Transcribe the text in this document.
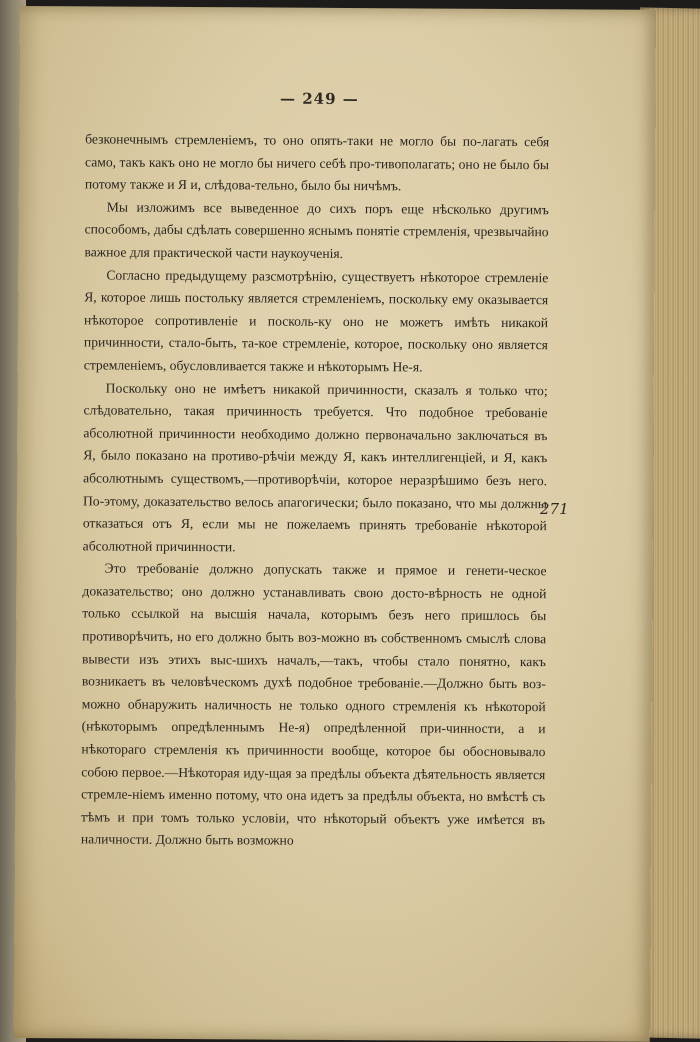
— 249 —

безконечнымъ стремленіемъ, то оно опять-таки не могло бы по-лагать себя само, такъ какъ оно не могло бы ничего себѣ про-тивополагать; оно не было бы потому также и Я и, слѣдова-тельно, было бы ничѣмъ.

Мы изложимъ все выведенное до сихъ поръ еще нѣсколько другимъ способомъ, дабы сдѣлать совершенно яснымъ понятіе стремленія, чрезвычайно важное для практической части наукоученія.

Согласно предыдущему разсмотрѣнію, существуетъ нѣкоторое стремленіе Я, которое лишь постольку является стремленіемъ, поскольку ему оказывается нѣкоторое сопротивленіе и посколь-ку оно не можетъ имѣть никакой причинности, стало-быть, та-кое стремленіе, которое, поскольку оно является стремленіемъ, обусловливается также и нѣкоторымъ Не-я.

Поскольку оно не имѣетъ никакой причинности, сказалъ я только что; слѣдовательно, такая причинность требуется. Что подобное требованіе абсолютной причинности необходимо должно первоначально заключаться въ Я, было показано на противо-рѣчіи между Я, какъ интеллигенціей, и Я, какъ абсолютнымъ существомъ,—противорѣчіи, которое неразрѣшимо безъ него. По-этому, доказательство велось апагогически; было показано, что мы должны отказаться отъ Я, если мы не пожелаемъ принять требованіе нѣкоторой абсолютной причинности.

Это требованіе должно допускать также и прямое и генети-ческое доказательство; оно должно устанавливать свою досто-вѣрность не одной только ссылкой на высшія начала, которымъ безъ него пришлось бы противорѣчить, но его должно быть воз-можно въ собственномъ смыслѣ слова вывести изъ этихъ выс-шихъ началъ,—такъ, чтобы стало понятно, какъ возникаетъ въ человѣческомъ духѣ подобное требованіе.—Должно быть воз-можно обнаружить наличность не только одного стремленія къ нѣкоторой (нѣкоторымъ опредѣленнымъ Не-я) опредѣленной при-чинности, а и нѣкотораго стремленія къ причинности вообще, которое бы обосновывало собою первое.—Нѣкоторая иду-щая за предѣлы объекта дѣятельность является стремле-ніемъ именно потому, что она идетъ за предѣлы объекта, но вмѣстѣ съ тѣмъ и при томъ только условіи, что нѣкоторый объектъ уже имѣется въ наличности. Должно быть возможно

271
